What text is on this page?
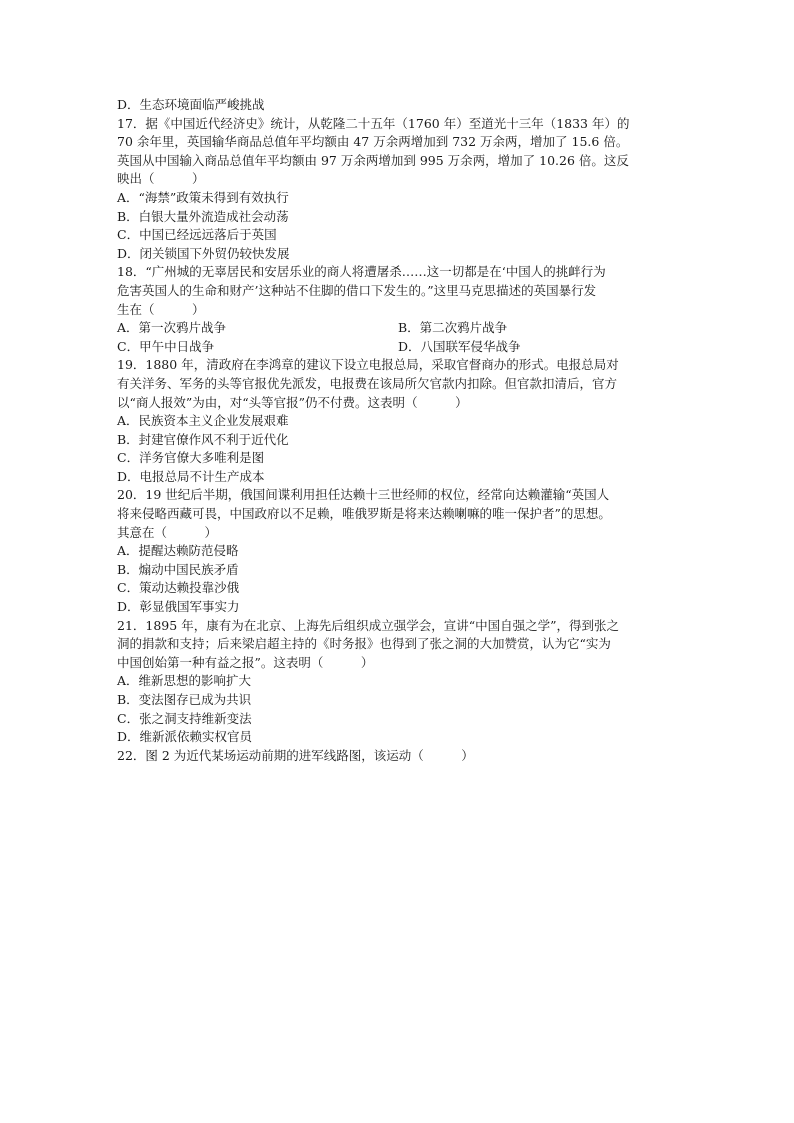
D．生态环境面临严峻挑战
17．据《中国近代经济史》统计，从乾隆二十五年（1760 年）至道光十三年（1833 年）的
70 余年里，英国输华商品总值年平均额由 47 万余两增加到 732 万余两，增加了 15.6 倍。
英国从中国输入商品总值年平均额由 97 万余两增加到 995 万余两，增加了 10.26 倍。这反
映出（　　　）
A．“海禁”政策未得到有效执行
B．白银大量外流造成社会动荡
C．中国已经远远落后于英国
D．闭关锁国下外贸仍较快发展
18．“广州城的无辜居民和安居乐业的商人将遭屠杀……这一切都是在‘中国人的挑衅行为
危害英国人的生命和财产’这种站不住脚的借口下发生的。”这里马克思描述的英国暴行发
生在（　　　）
A．第一次鸦片战争	B．第二次鸦片战争
C．甲午中日战争	D．八国联军侵华战争
19．1880 年，清政府在李鸿章的建议下设立电报总局，采取官督商办的形式。电报总局对
有关洋务、军务的头等官报优先派发，电报费在该局所欠官款内扣除。但官款扣清后，官方
以“商人报效”为由，对“头等官报”仍不付费。这表明（　　　）
A．民族资本主义企业发展艰难
B．封建官僚作风不利于近代化
C．洋务官僚大多唯利是图
D．电报总局不计生产成本
20．19 世纪后半期，俄国间谍利用担任达赖十三世经师的权位，经常向达赖灌输“英国人
将来侵略西藏可畏，中国政府以不足赖，唯俄罗斯是将来达赖喇嘛的唯一保护者”的思想。
其意在（　　　）
A．提醒达赖防范侵略
B．煽动中国民族矛盾
C．策动达赖投靠沙俄
D．彰显俄国军事实力
21．1895 年，康有为在北京、上海先后组织成立强学会，宣讲“中国自强之学”，得到张之
洞的捐款和支持；后来梁启超主持的《时务报》也得到了张之洞的大加赞赏，认为它“实为
中国创始第一种有益之报”。这表明（　　　）
A．维新思想的影响扩大
B．变法图存已成为共识
C．张之洞支持维新变法
D．维新派依赖实权官员
22．图 2 为近代某场运动前期的进军线路图，该运动（　　　）
